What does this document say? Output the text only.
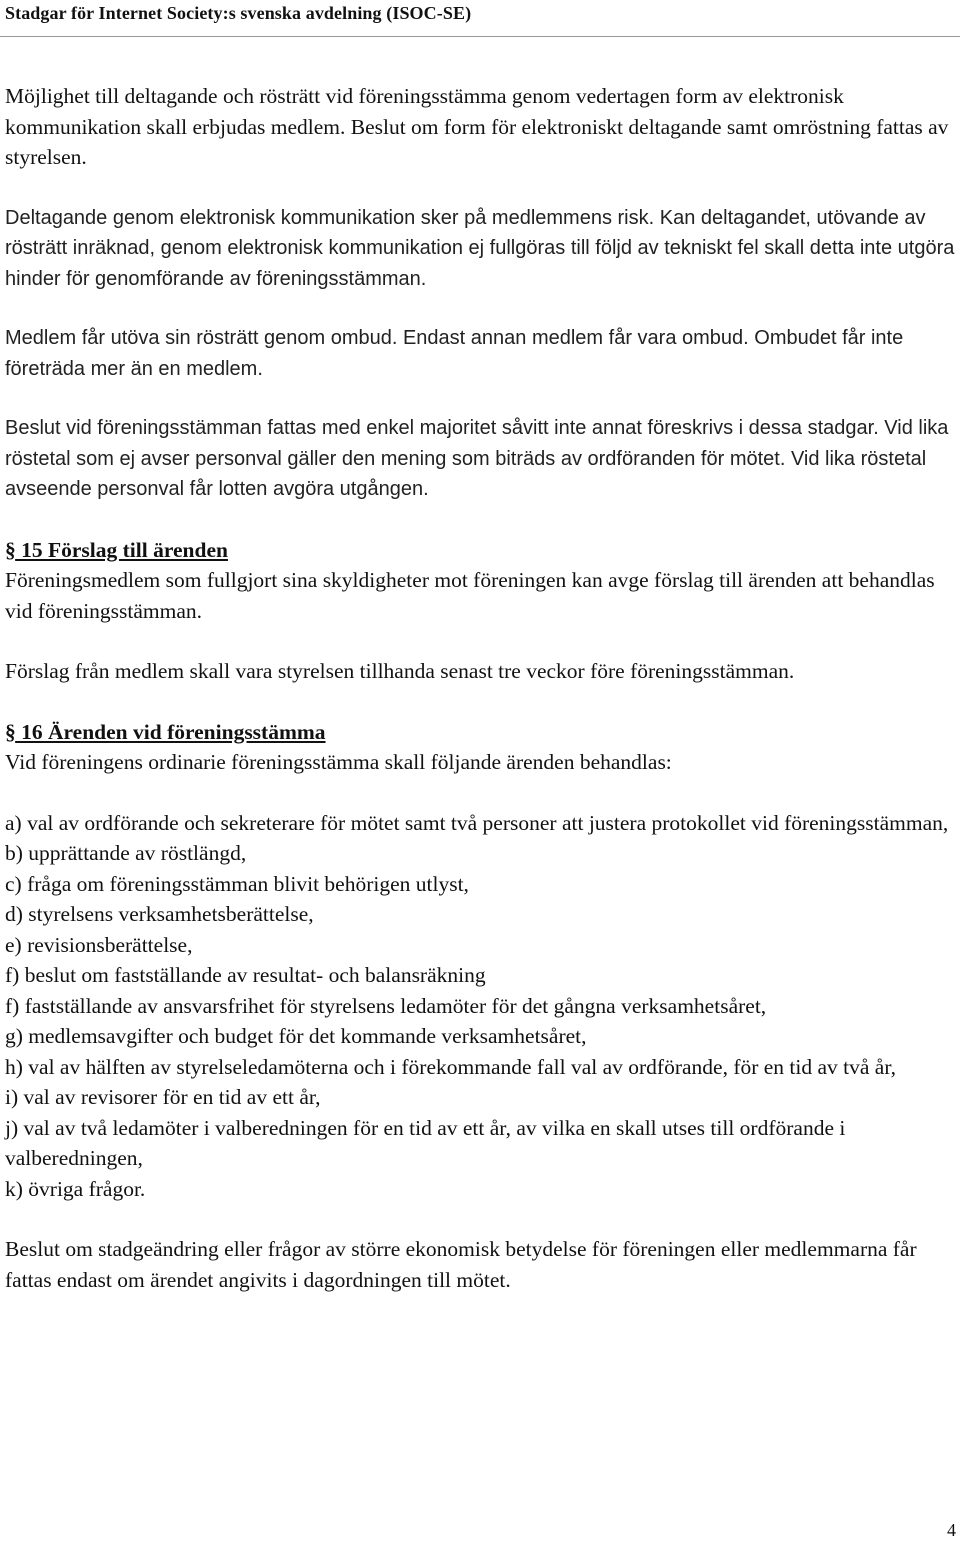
Stadgar för Internet Society:s svenska avdelning (ISOC-SE)

Möjlighet till deltagande och rösträtt vid föreningsstämma genom vedertagen form av elektronisk kommunikation skall erbjudas medlem. Beslut om form för elektroniskt deltagande samt omröstning fattas av styrelsen.

Deltagande genom elektronisk kommunikation sker på medlemmens risk. Kan deltagandet, utövande av rösträtt inräknad, genom elektronisk kommunikation ej fullgöras till följd av tekniskt fel skall detta inte utgöra hinder för genomförande av föreningsstämman.

Medlem får utöva sin rösträtt genom ombud. Endast annan medlem får vara ombud. Ombudet får inte företräda mer än en medlem.

Beslut vid föreningsstämman fattas med enkel majoritet såvitt inte annat föreskrivs i dessa stadgar. Vid lika röstetal som ej avser personval gäller den mening som biträds av ordföranden för mötet. Vid lika röstetal avseende personval får lotten avgöra utgången.

§ 15 Förslag till ärenden

Föreningsmedlem som fullgjort sina skyldigheter mot föreningen kan avge förslag till ärenden att behandlas vid föreningsstämman.

Förslag från medlem skall vara styrelsen tillhanda senast tre veckor före föreningsstämman.

§ 16 Ärenden vid föreningsstämma

Vid föreningens ordinarie föreningsstämma skall följande ärenden behandlas:

a) val av ordförande och sekreterare för mötet samt två personer att justera protokollet vid föreningsstämman,
b) upprättande av röstlängd,
c) fråga om föreningsstämman blivit behörigen utlyst,
d) styrelsens verksamhetsberättelse,
e) revisionsberättelse,
f) beslut om fastställande av resultat- och balansräkning
f) fastställande av ansvarsfrihet för styrelsens ledamöter för det gångna verksamhetsåret,
g) medlemsavgifter och budget för det kommande verksamhetsåret,
h) val av hälften av styrelseledamöterna och i förekommande fall val av ordförande, för en tid av två år,
i) val av revisorer för en tid av ett år,
j) val av två ledamöter i valberedningen för en tid av ett år, av vilka en skall utses till ordförande i valberedningen,
k) övriga frågor.

Beslut om stadgeändring eller frågor av större ekonomisk betydelse för föreningen eller medlemmarna får fattas endast om ärendet angivits i dagordningen till mötet.

4
